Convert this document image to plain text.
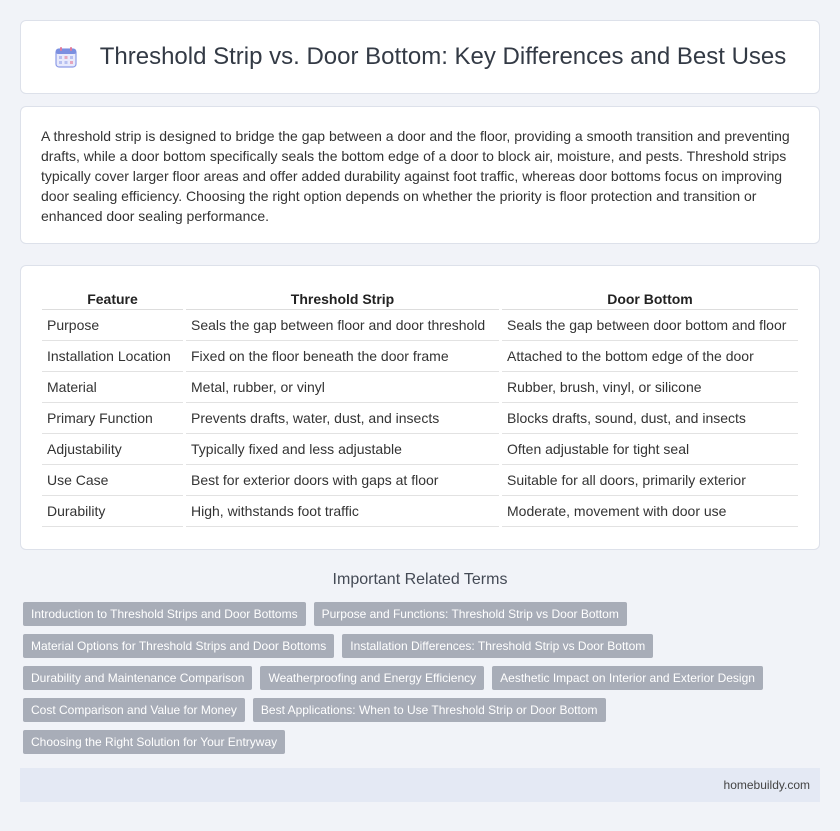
Threshold Strip vs. Door Bottom: Key Differences and Best Uses

A threshold strip is designed to bridge the gap between a door and the floor, providing a smooth transition and preventing drafts, while a door bottom specifically seals the bottom edge of a door to block air, moisture, and pests. Threshold strips typically cover larger floor areas and offer added durability against foot traffic, whereas door bottoms focus on improving door sealing efficiency. Choosing the right option depends on whether the priority is floor protection and transition or enhanced door sealing performance.

Feature	Threshold Strip	Door Bottom
Purpose	Seals the gap between floor and door threshold	Seals the gap between door bottom and floor
Installation Location	Fixed on the floor beneath the door frame	Attached to the bottom edge of the door
Material	Metal, rubber, or vinyl	Rubber, brush, vinyl, or silicone
Primary Function	Prevents drafts, water, dust, and insects	Blocks drafts, sound, dust, and insects
Adjustability	Typically fixed and less adjustable	Often adjustable for tight seal
Use Case	Best for exterior doors with gaps at floor	Suitable for all doors, primarily exterior
Durability	High, withstands foot traffic	Moderate, movement with door use
Important Related Terms
Introduction to Threshold Strips and Door Bottoms	Purpose and Functions: Threshold Strip vs Door Bottom
Material Options for Threshold Strips and Door Bottoms	Installation Differences: Threshold Strip vs Door Bottom
Durability and Maintenance Comparison	Weatherproofing and Energy Efficiency	Aesthetic Impact on Interior and Exterior Design
Cost Comparison and Value for Money	Best Applications: When to Use Threshold Strip or Door Bottom
Choosing the Right Solution for Your Entryway
homebuildy.com
